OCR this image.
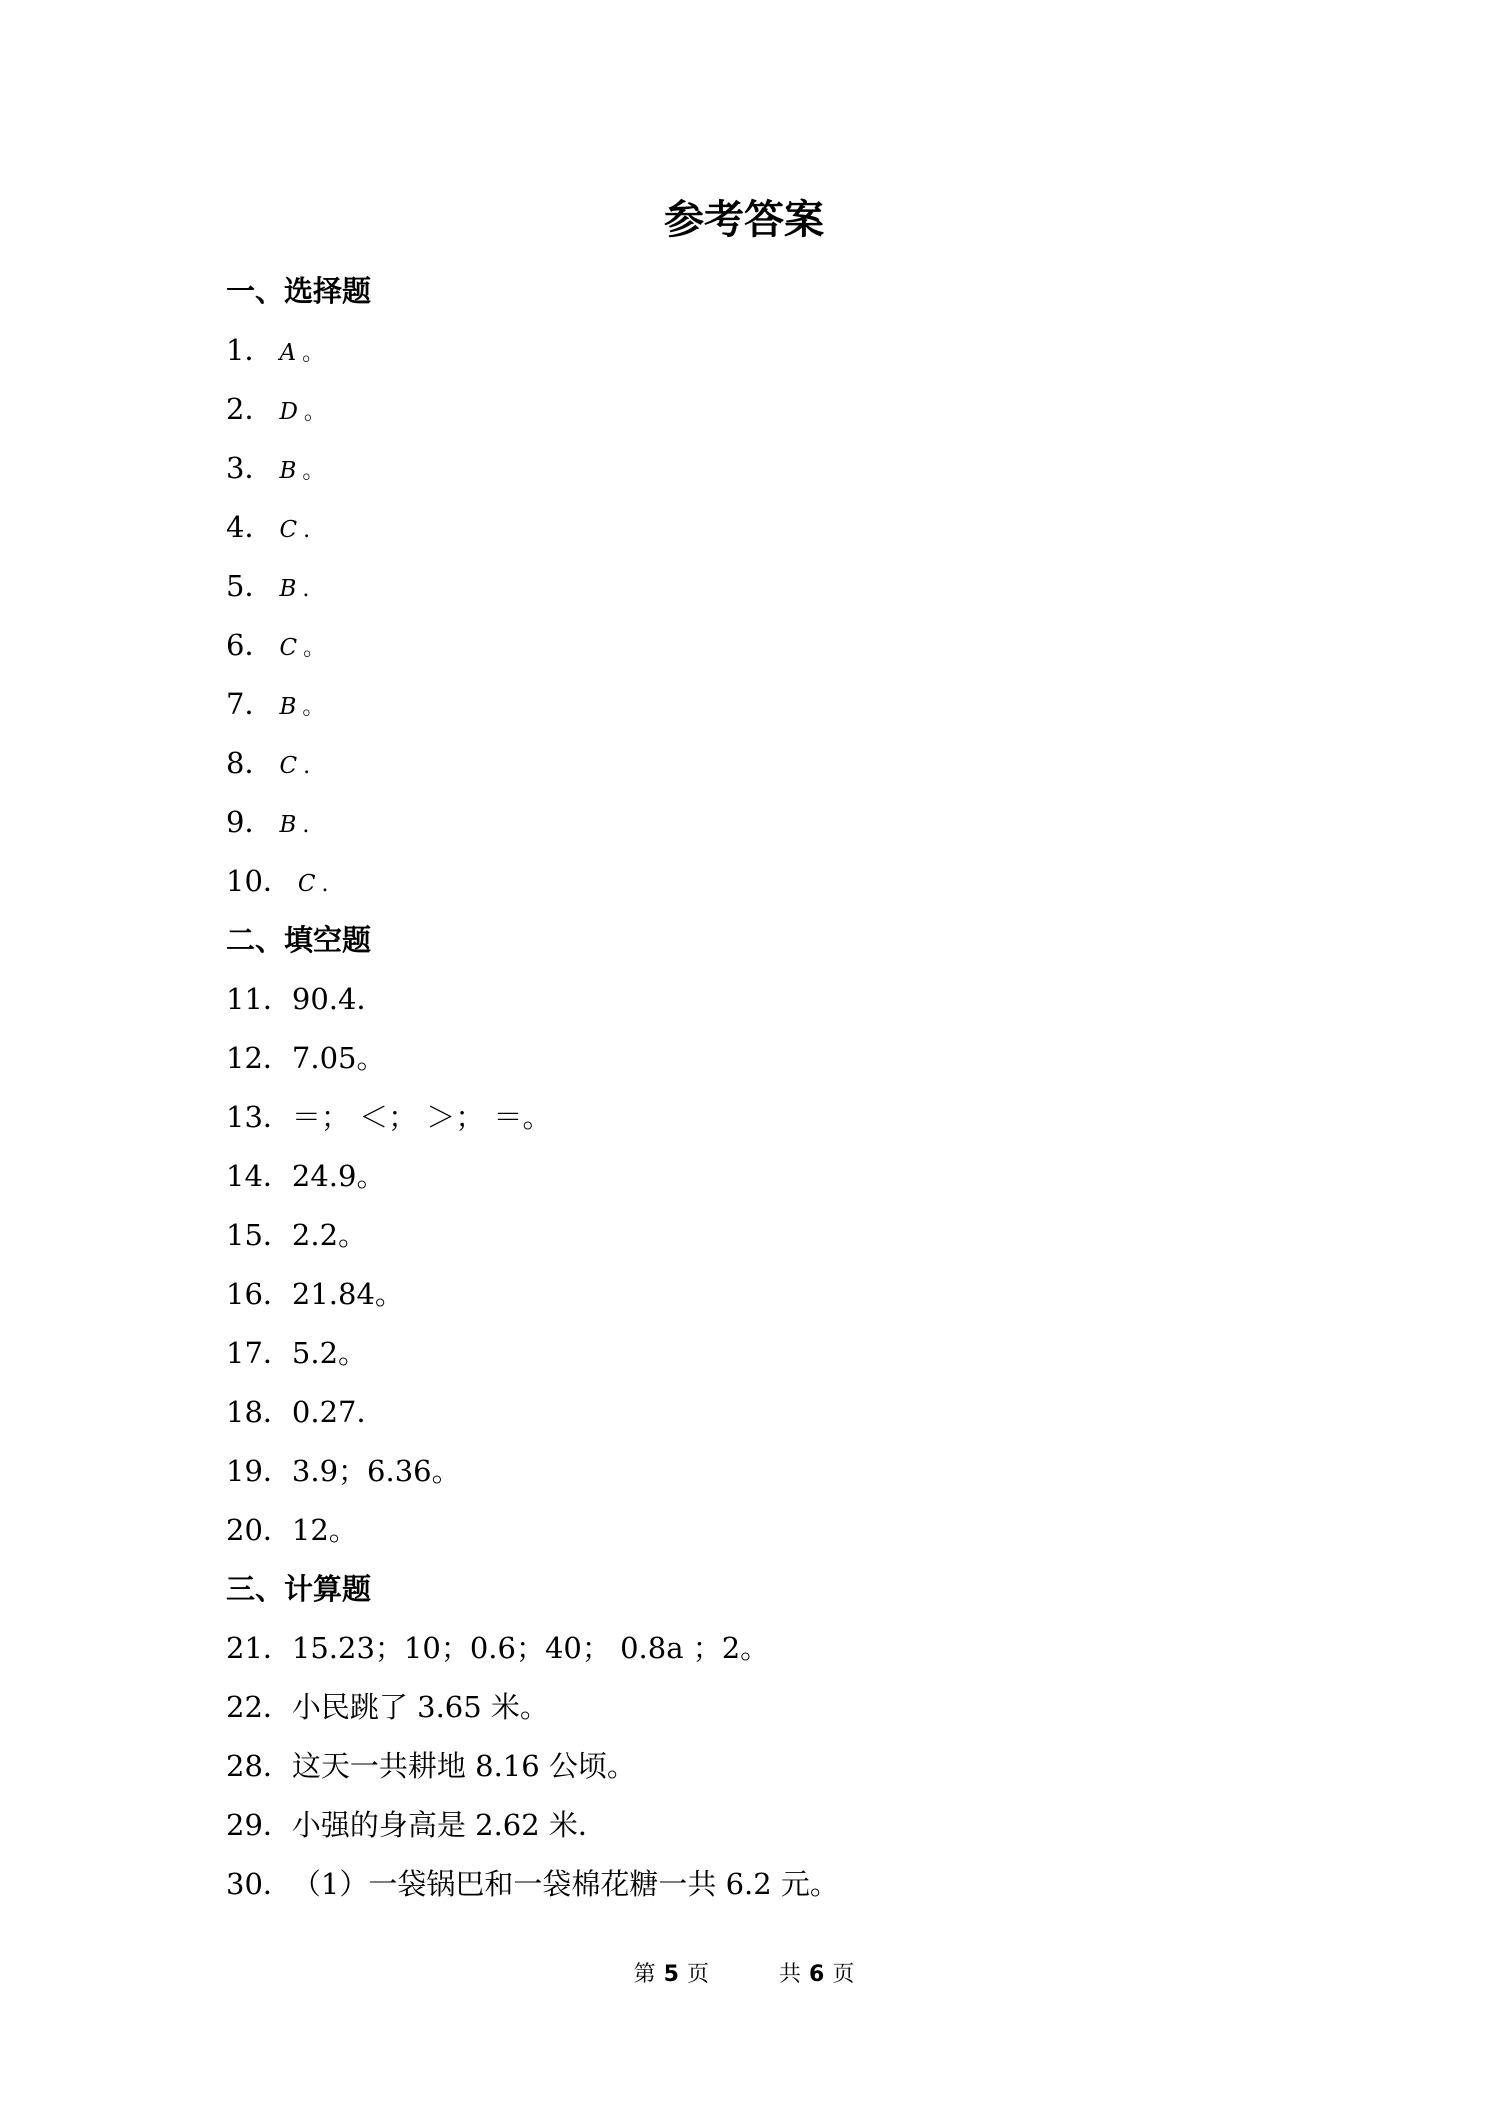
参考答案
一、选择题
1． A 。
2． D 。
3． B 。
4． C .
5． B .
6． C 。
7． B 。
8． C .
9． B .
10． C .
二、填空题
11．90.4．
12．7.05。
13．＝； ＜； ＞； ＝。
14．24.9。
15．2.2。
16．21.84。
17．5.2。
18．0.27．
19．3.9；6.36。
20．12。
三、计算题
21．15.23；10；0.6；40； 0.8a ；2。
22．小民跳了 3.65 米。
28．这天一共耕地 8.16 公顷。
29．小强的身高是 2.62 米．
30．（1）一袋锅巴和一袋棉花糖一共 6.2 元。
第 5 页	共 6 页
